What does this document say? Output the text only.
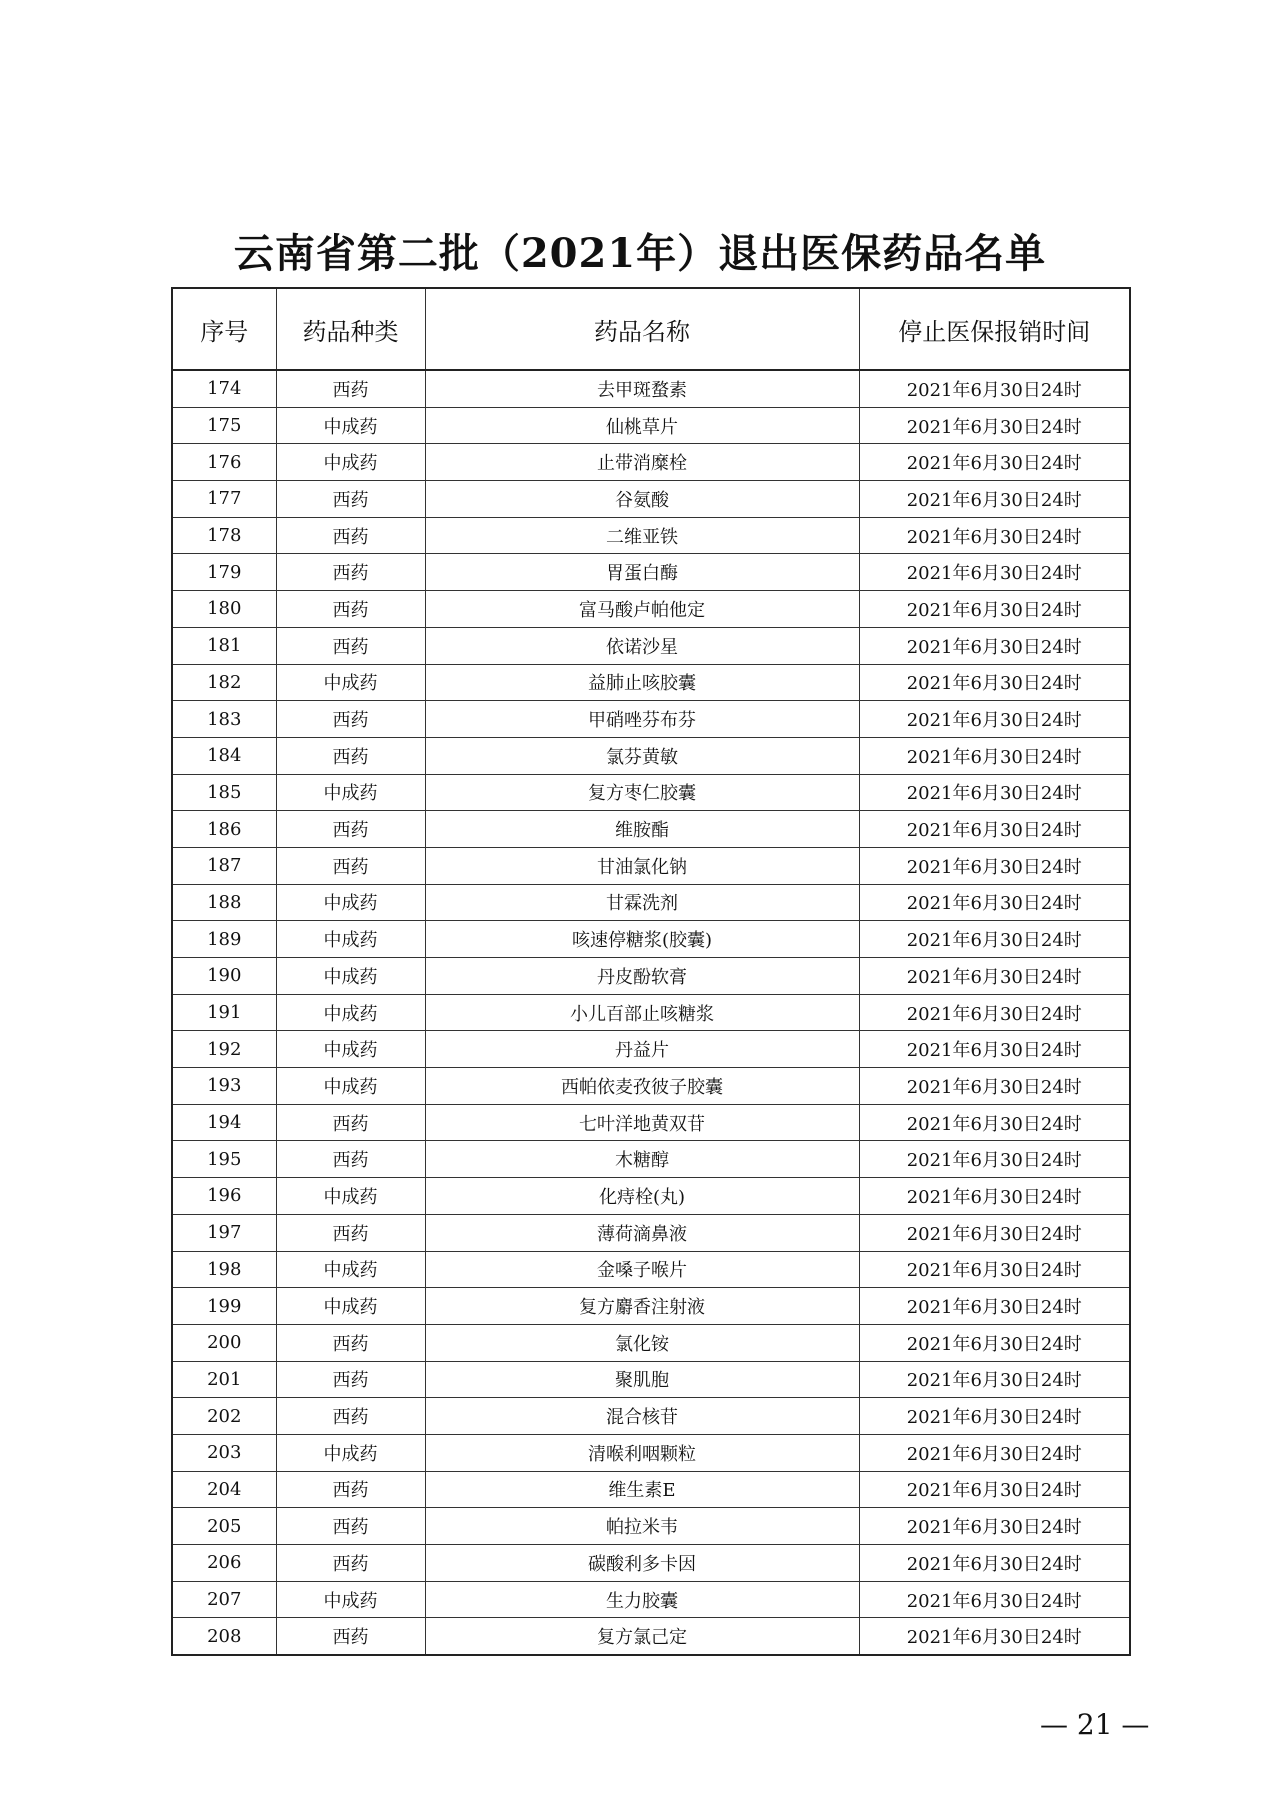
云南省第二批（2021年）退出医保药品名单
序号	药品种类	药品名称	停止医保报销时间
174	西药	去甲斑蝥素	2021年6月30日24时
175	中成药	仙桃草片	2021年6月30日24时
176	中成药	止带消糜栓	2021年6月30日24时
177	西药	谷氨酸	2021年6月30日24时
178	西药	二维亚铁	2021年6月30日24时
179	西药	胃蛋白酶	2021年6月30日24时
180	西药	富马酸卢帕他定	2021年6月30日24时
181	西药	依诺沙星	2021年6月30日24时
182	中成药	益肺止咳胶囊	2021年6月30日24时
183	西药	甲硝唑芬布芬	2021年6月30日24时
184	西药	氯芬黄敏	2021年6月30日24时
185	中成药	复方枣仁胶囊	2021年6月30日24时
186	西药	维胺酯	2021年6月30日24时
187	西药	甘油氯化钠	2021年6月30日24时
188	中成药	甘霖洗剂	2021年6月30日24时
189	中成药	咳速停糖浆(胶囊)	2021年6月30日24时
190	中成药	丹皮酚软膏	2021年6月30日24时
191	中成药	小儿百部止咳糖浆	2021年6月30日24时
192	中成药	丹益片	2021年6月30日24时
193	中成药	西帕依麦孜彼子胶囊	2021年6月30日24时
194	西药	七叶洋地黄双苷	2021年6月30日24时
195	西药	木糖醇	2021年6月30日24时
196	中成药	化痔栓(丸)	2021年6月30日24时
197	西药	薄荷滴鼻液	2021年6月30日24时
198	中成药	金嗓子喉片	2021年6月30日24时
199	中成药	复方麝香注射液	2021年6月30日24时
200	西药	氯化铵	2021年6月30日24时
201	西药	聚肌胞	2021年6月30日24时
202	西药	混合核苷	2021年6月30日24时
203	中成药	清喉利咽颗粒	2021年6月30日24时
204	西药	维生素E	2021年6月30日24时
205	西药	帕拉米韦	2021年6月30日24时
206	西药	碳酸利多卡因	2021年6月30日24时
207	中成药	生力胶囊	2021年6月30日24时
208	西药	复方氯己定	2021年6月30日24时
— 21 —
